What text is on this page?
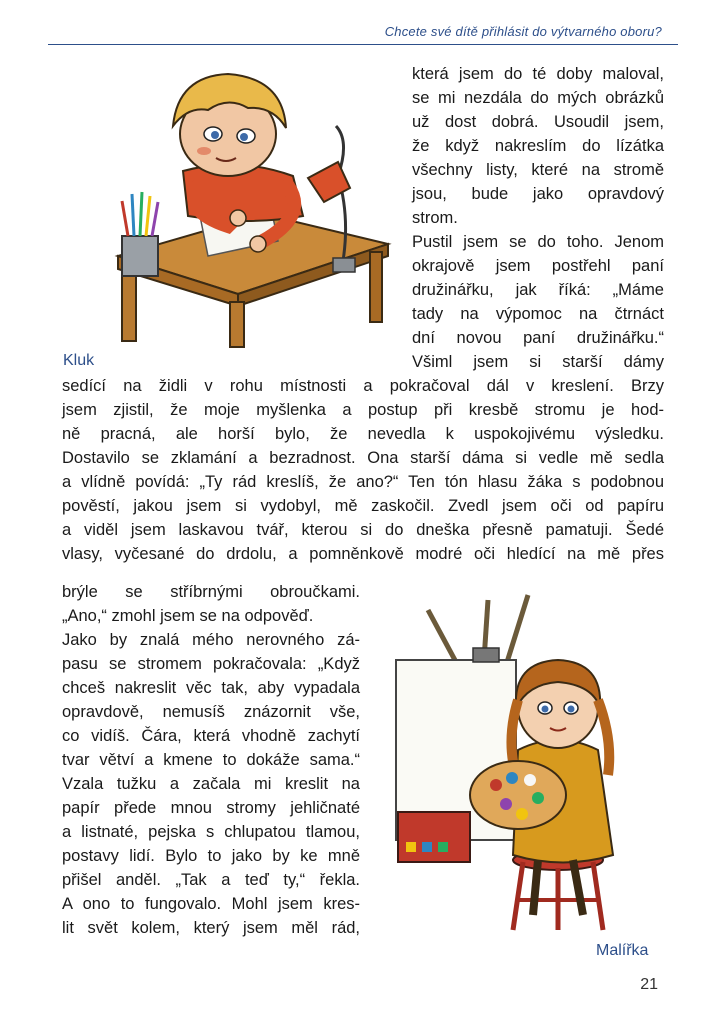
Chcete své dítě přihlásit do výtvarného oboru?
Kluk
která jsem do té doby maloval,
se mi nezdála do mých obrázků
už dost dobrá. Usoudil jsem,
že když nakreslím do lízátka
všechny listy, které na stromě
jsou, bude jako opravdový
strom.
Pustil jsem se do toho. Jenom
okrajově jsem postřehl paní
družinářku, jak říká: „Máme
tady na výpomoc na čtrnáct
dní novou paní družinářku.“
Všiml jsem si starší dámy
sedící na židli v rohu místnosti a pokračoval dál v kreslení. Brzy
jsem zjistil, že moje myšlenka a postup při kresbě stromu je hod-
ně pracná, ale horší bylo, že nevedla k uspokojivému výsledku.
Dostavilo se zklamání a bezradnost. Ona starší dáma si vedle mě sedla
a vlídně povídá: „Ty rád kreslíš, že ano?“ Ten tón hlasu žáka s podobnou
pověstí, jakou jsem si vydobyl, mě zaskočil. Zvedl jsem oči od papíru
a viděl jsem laskavou tvář, kterou si do dneška přesně pamatuji. Šedé
vlasy, vyčesané do drdolu, a pomněnkově modré oči hledící na mě přes
brýle se stříbrnými obroučkami.
„Ano,“ zmohl jsem se na odpověď.
Jako by znalá mého nerovného zá-
pasu se stromem pokračovala: „Když
chceš nakreslit věc tak, aby vypadala
opravdově, nemusíš znázornit vše,
co vidíš. Čára, která vhodně zachytí
tvar větví a kmene to dokáže sama.“
Vzala tužku a začala mi kreslit na
papír přede mnou stromy jehličnaté
a listnaté, pejska s chlupatou tlamou,
postavy lidí. Bylo to jako by ke mně
přišel anděl. „Tak a teď ty,“ řekla.
A ono to fungovalo. Mohl jsem kres-
lit svět kolem, který jsem měl rád,
Malířka
21
